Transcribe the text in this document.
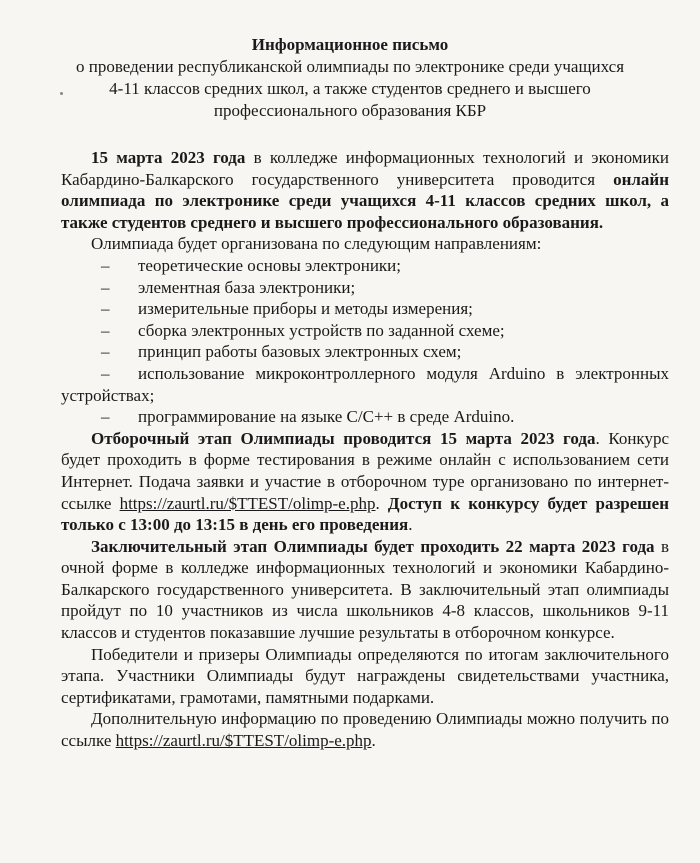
Информационное письмо
о проведении республиканской олимпиады по электронике среди учащихся
4-11 классов средних школ, а также студентов среднего и высшего
профессионального образования КБР

15 марта 2023 года в колледже информационных технологий и экономики Кабардино-Балкарского государственного университета проводится онлайн олимпиада по электронике среди учащихся 4-11 классов средних школ, а также студентов среднего и высшего профессионального образования.

Олимпиада будет организована по следующим направлениям:

– теоретические основы электроники;
– элементная база электроники;
– измерительные приборы и методы измерения;
– сборка электронных устройств по заданной схеме;
– принцип работы базовых электронных схем;
– использование микроконтроллерного модуля Arduino в электронных устройствах;
– программирование на языке C/C++ в среде Arduino.

Отборочный этап Олимпиады проводится 15 марта 2023 года. Конкурс будет проходить в форме тестирования в режиме онлайн с использованием сети Интернет. Подача заявки и участие в отборочном туре организовано по интернет-ссылке https://zaurtl.ru/$TTEST/olimp-e.php. Доступ к конкурсу будет разрешен только с 13:00 до 13:15 в день его проведения.

Заключительный этап Олимпиады будет проходить 22 марта 2023 года в очной форме в колледже информационных технологий и экономики Кабардино-Балкарского государственного университета. В заключительный этап олимпиады пройдут по 10 участников из числа школьников 4-8 классов, школьников 9-11 классов и студентов показавшие лучшие результаты в отборочном конкурсе.

Победители и призеры Олимпиады определяются по итогам заключительного этапа. Участники Олимпиады будут награждены свидетельствами участника, сертификатами, грамотами, памятными подарками.

Дополнительную информацию по проведению Олимпиады можно получить по ссылке https://zaurtl.ru/$TTEST/olimp-e.php.
